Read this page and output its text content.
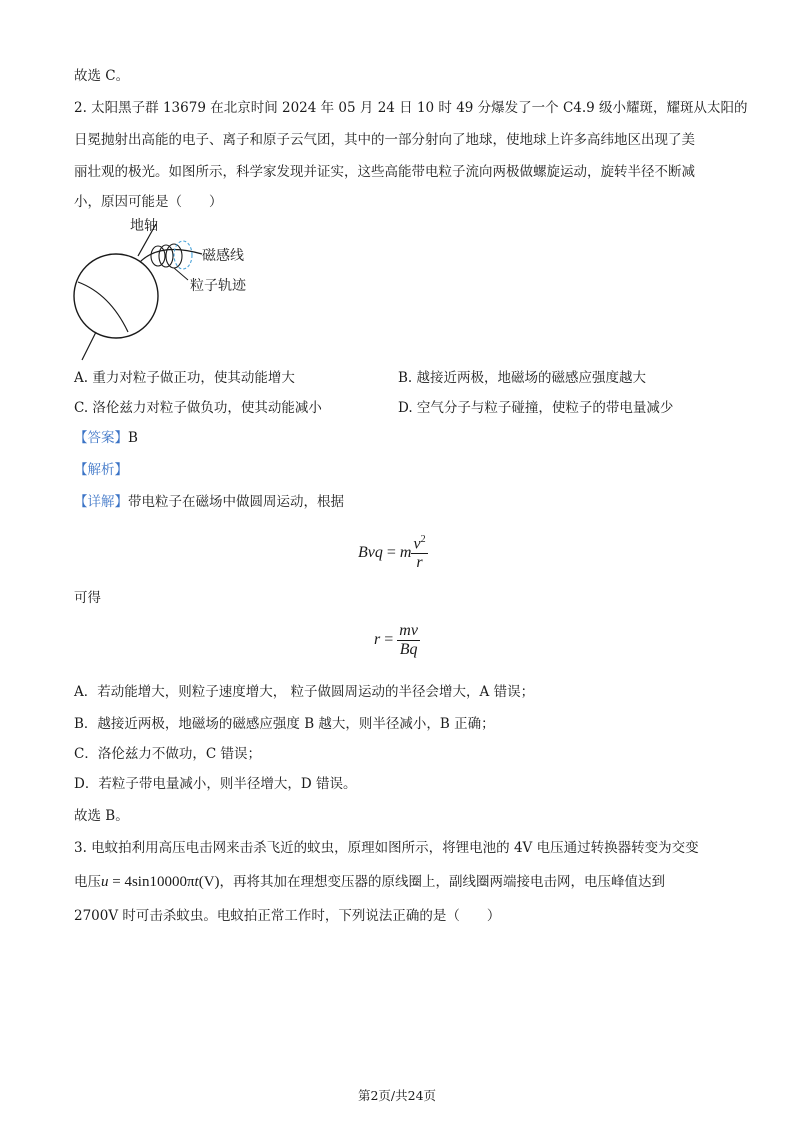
故选 C。
2. 太阳黑子群 13679 在北京时间 2024 年 05 月 24 日 10 时 49 分爆发了一个 C4.9 级小耀斑，耀斑从太阳的
日冕抛射出高能的电子、离子和原子云气团，其中的一部分射向了地球，使地球上许多高纬地区出现了美
丽壮观的极光。如图所示，科学家发现并证实，这些高能带电粒子流向两极做螺旋运动，旋转半径不断减
小，原因可能是（　　）
地轴
磁感线
粒子轨迹
A. 重力对粒子做正功，使其动能增大	B. 越接近两极，地磁场的磁感应强度越大
C. 洛伦兹力对粒子做负功，使其动能减小	D. 空气分子与粒子碰撞，使粒子的带电量减少
【答案】B
【解析】
【详解】带电粒子在磁场中做圆周运动，根据
Bvq = m $\frac{v^2}{r}$
可得
$r = \frac{mv}{Bq}$
A．若动能增大，则粒子速度增大， 粒子做圆周运动的半径会增大，A 错误；
B．越接近两极，地磁场的磁感应强度 B 越大，则半径减小，B 正确；
C．洛伦兹力不做功，C 错误；
D．若粒子带电量减小，则半径增大，D 错误。
故选 B。
3. 电蚊拍利用高压电击网来击杀飞近的蚊虫，原理如图所示，将锂电池的 4V 电压通过转换器转变为交变
电压u = 4sin10000πt(V)，再将其加在理想变压器的原线圈上，副线圈两端接电击网，电压峰值达到
2700V 时可击杀蚊虫。电蚊拍正常工作时，下列说法正确的是（　　）
第2页/共24页
